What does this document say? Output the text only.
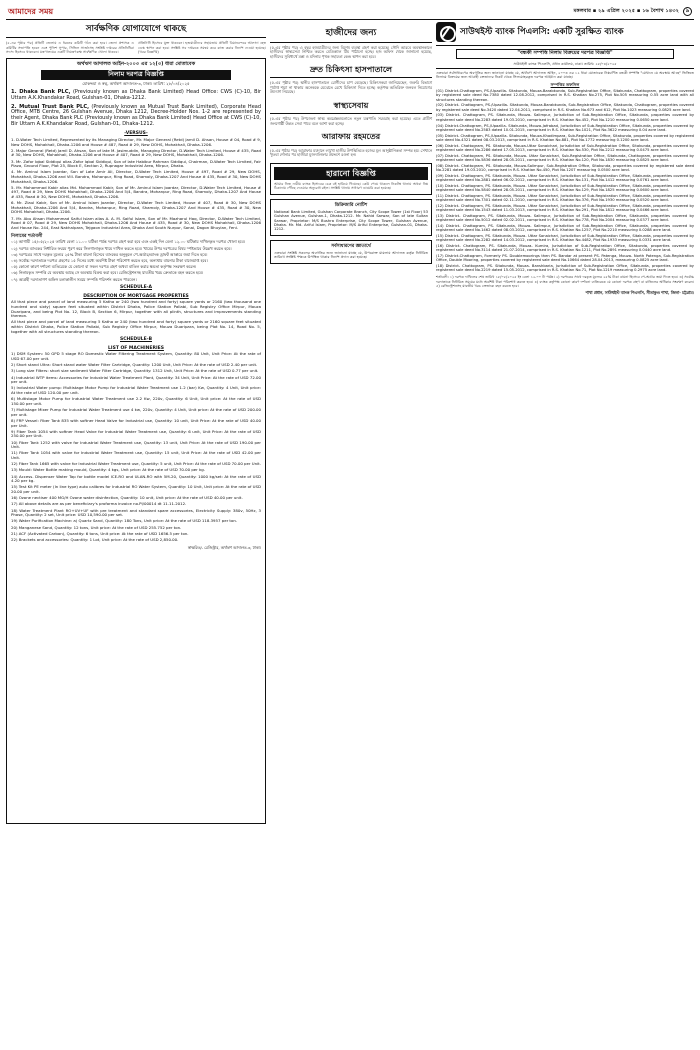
আমাদের সময়	মঙ্গলবার ▪ ২৯ এপ্রিল ২০২৫ ▪ ১৬ বৈশাখ ১৪৩২	৯
সার্বক্ষণিক যোগাযোগে থাকছে
(৫-এর পৃষ্ঠার পর) প্রতিটি জেলায় এ ধরনের কমিটি গঠন করা হবে। জেলা প্রশাসক এ কমিটির সভাপতি হবেন এবং পুলিশ সুপার, সিভিল সার্জনসহ সংশ্লিষ্ট দপ্তরের প্রতিনিধিরা সদস্য হিসেবে থাকবেন। মন্ত্রণালয়ের একটি নিয়ন্ত্রণকক্ষ সার্বক্ষণিক খোলা থাকবে।
প্রতিনিধি হিসেবে যুক্ত থাকবেন। হজযাত্রীদের সহায়তায় প্রতিটি বিমানবন্দরে আলাদা হেল্প ডেস্ক স্থাপন করা হবে। সংশ্লিষ্ট সব দপ্তরকে সমন্বয় করে কাজ করার নির্দেশ দেওয়া হয়েছে। (খবর বিজ্ঞপ্তি)
অর্থঋণ আদালত আইন-২০০৩ এর ১২(৩) ধারা মোতাবেক
নিলাম দরপত্র বিজ্ঞপ্তি
মোকদ্দমা ও স্বত্ব, অর্থঋণ আদালত-৩, ঢাকা। তারিখ: ২৮/০৪/২০২৫
1. Dhaka Bank PLC, (Previously known as Dhaka Bank Limited) Head Office: CWS (C)-10, Bir Uttam A.K.Khandakar Road, Gulshan-01, Dhaka-1212.
2. Mutual Trust Bank PLC, (Previously known as Mutual Trust Bank Limited), Corporate Head Office, MTB Centre, 26 Gulshan Avenue, Dhaka 1212, Decree-Holder Nos. 1-2 are represented by their Agent, Dhaka Bank PLC (Previously known as Dhaka Bank Limited) Head Office at CWS (C)-10, Bir Uttam A.K.Khandakar Road, Gulshan-01, Dhaka-1212.
-VERSUS-
1. D-Water Tech Limited, Represented by its Managing Director, Mr. Major General (Retd) Jamil D. Ahsan, House # 04, Road # 9, New DOHS, Mohakhali, Dhaka-1206 and House # 487, Road # 29, New DOHS, Mohakhali, Dhaka-1206.
2. Major General (Retd) Jamil D. Ahsan, Son of late M. Jasimuddin, Managing Director, D-Water Tech Limited, House # 435, Road # 30, New DOHS, Mohakhali, Dhaka-1206 and House # 407, Road # 29, New DOHS, Mohakhali, Dhaka-1206.
3. Mr. Zafor Iqbal Siddiqui alias Zafor Iqbal Siddiqui, Son of late Habibur Rahman Siddiqui, Chairman, D-Water Tech Limited, Fair Plaza, Ground Floor, Plot 25, Block E, Section 2, Rupnagar Industrial Area, Mirpur, Dhaka.
4. Mr. Aminul Islam Joardar, Son of Late Amir Ali, Director, D-Water Tech Limited, House # 497, Road # 29, New DOHS, Mohakhali, Dhaka-1206 and Vill. Bandra, Mohanpur, Ring Road, Shamoly, Dhaka-1207 And House # 435, Road # 30, New DOHS Mohakhali, Dhaka-1206.
5. Mr. Mohammad Kabir alias Md. Mohammad Kabir, Son of Mr. Aminul Islam Joardar, Director, D-Water Tech Limited, House # 497, Road # 29, New DOHS Mohakhali, Dhaka-1206 And 5/4, Bandra, Mohanpur, Ring Road, Shamoly, Dhaka-1207 And House # 435, Road # 30, New DOHS, Mohakhali, Dhaka-1206.
6. Mr. Ziaul Kabir, Son of Mr. Aminul Islam Joardar, Director, D-Water Tech Limited, House # 407, Road # 30, New DOHS Mohakhali, Dhaka-1206 And 5/4, Bandra, Mohanpur, Ring Road, Shamoly, Dhaka-1207 And House # 435, Road # 30, New DOHS Mohakhali, Dhaka-1206.
7. Mr. Abu Ahsan Mohammad Saiful Islam alias A. A. M. Saiful Islam, Son of Mr. Mazharul Haq, Director, D-Water Tech Limited, Road # 07, Road # 29, New DOHS Mohakhali, Dhaka-1206 And House # 435, Road # 30, New DOHS Mohakhali, Dhaka-1206 And House No. 244, East Nakhalpara, Tejgaon Industrial Area, Dhaka And South Nurpur, Sonai, Dagon Bhuyian, Feni.
নিলামের শর্তাবলী
০১) আগামী ১৫/০৫/২০২৫ তারিখ বেলা ১১.০০ ঘটিকা পর্যন্ত দরপত্র গ্রহণ করা হবে এবং একই দিন বেলা ১২.০০ ঘটিকায় দাখিলকৃত দরপত্র খোলা হবে।
০২) দরপত্র ব্যাংকের নির্ধারিত ফরমে পূরণ করে সিলগালাকৃত খামে দাখিল করতে হবে। খামের উপর দরপত্রের বিষয় স্পষ্টভাবে উল্লেখ করতে হবে।
০৩) দরপত্রের সাথে দরকৃত মূল্যের ২৫% টাকা বায়না হিসেবে ব্যাংকের অনুকূলে পে-অর্ডার/ব্যাংক ড্রাফট আকারে জমা দিতে হবে।
০৪) সর্বোচ্চ দরদাতাকে দরপত্র গ্রহণের ১৫ দিনের মধ্যে অবশিষ্ট টাকা পরিশোধ করতে হবে, অন্যথায় বায়নার টাকা বাজেয়াপ্ত হবে।
০৫) কোনো কারণ দর্শানো ব্যতিরেকে যে কোনো বা সকল দরপত্র গ্রহণ অথবা বাতিল করার ক্ষমতা কর্তৃপক্ষ সংরক্ষণ করেন।
০৬) নিলামকৃত সম্পত্তি যে অবস্থায় আছে সে অবস্থায় বিক্রয় করা হবে। রেজিস্ট্রেশনসহ যাবতীয় খরচ ক্রেতাকে বহন করতে হবে।
০৭) আগ্রহী দরদাতাগণ অফিস চলাকালীন সময়ে সম্পত্তি পরিদর্শন করতে পারবেন।
SCHEDULE-A
DESCRIPTION OF MORTGAGE PROPERTIES
All that piece and parcel of land measuring 5 Katha or 240 (two hundred and forty) square yards or 2160 (two thousand one hundred and sixty) square feet situated within District Dhaka, Police Station Pallabi, Sub Registry Office Mirpur, Mouza Duaripara, and being Plot No. 12, Block B, Section 6, Mirpur, together with all plinth, structures and improvements standing thereon.
All that piece and parcel of land measuring 5 Katha or 240 (two hundred and forty) square yards or 2160 square feet situated within District Dhaka, Police Station Pallabi, Sub Registry Office Mirpur, Mouza Duaripara, being Plot No. 14, Road No. 5, together with all structures standing thereon.
SCHEDULE-B
LIST OF MACHINERIES
1) DSM System: 50 GPD 5 stage RO Domestic Water Filtering Treatment System, Quantity: 80 Unit, Unit Price: At the rate of USD 67.00 per unit.
2) Short stand Ultra: Short stand water Water Filter Cartridge, Quantity: 1200 Unit, Unit Price: At the rate of USD 2.40 per unit.
3) Long size Filters: short size sediment Water Filter Cartridge, Quantity: 1312 Unit, Unit Price: At the rate of USD 0.77 per unit.
4) Industrial WTP items: Accessories for Industrial Water Treatment Plant, Quantity: 34 Unit, Unit Price: At the rate of USD 72.00 per unit.
5) Industrial Water pump: Multistage Motor Pump for Industrial Water Treatment use 1.2 (bar) Kw, Quantity: 4 Unit, Unit price: At the rate of USD 120.00 per unit.
6) Multistage Motor Pump for Industrial Water Treatment use 2.2 Kw, 220v, Quantity: 6 Unit, Unit price: At the rate of USD 150.00 per unit.
7) Multistage Mixer Pump for Industrial Water Treatment use 4 kw, 220v, Quantity: 4 Unit, Unit price: At the rate of USD 200.00 per unit.
8) FRP Vessel: Fiber Tank 835 with softner Head Valve for Industrial use, Quantity: 10 unit, Unit Price: At the rate of USD 40.00 per Unit.
9) Fiber Tank 1054 with softner Head Valve for Industrial Water Treatment use, Quantity: 6 unit, Unit Price: At the rate of USD 250.00 per Unit.
10) Fiber Tank 1252 with valve for Industrial Water Treatment use, Quantity: 13 unit, Unit Price: At the rate of USD 190.00 per Unit.
11) Fiber Tank 1054 with valve for Industrial Water Treatment use, Quantity: 15 unit, Unit Price: At the rate of USD 42.00 per Unit.
12) Fiber Tank 1665 with valve for Industrial Water Treatment use, Quantity: 5 unit, Unit Price: At the rate of USD 70.00 per Unit.
13) Mould: Water Bottle making mould, Quantity: 4 kgs, Unit price: At the rate of USD 70.00 per kg.
14) Access. Dispenser Water Tap for bottle model ICE-RO and ULAN-RO with 5M-20, Quantity: 1000 kg/set: At the rate of USD 4.20 per kg.
15) Test Kit PE meter (In line type) auto calibres for Industrial RO Water System, Quantity: 10 Unit, Unit price: At the rate of USD 20.00 per unit.
16) Ozone nectiser 400 MG/H Ozone water disinfection, Quantity: 10 unit, Unit price: At the rate of USD 40.00 per unit.
17) All above details are as per beneficiary's proforma invoice no.PI/00014 dt 11.11.2012.
18) Water Treatment Plant RO+UV+UF with pre treatment and standard spare accessories, Electricity Supply: 380v, 50Hz, 3 Phase, Quantity: 2 set, Unit price: USD 10,590.00 per set.
19) Water Purification Machine: a) Quartz Sand, Quantity: 180 Tons, Unit price: At the rate of USD 118.3957 per ton.
20) Manganese Sand, Quantity: 12 tons, Unit price: At the rate of USD 255.752 per ton.
21) ACF (Activated Carbon), Quantity: 6 tons, Unit price: At the rate of USD 1656.5 per ton.
22) Brackets and accessories: Quantity: 1 Lot, Unit price: At the rate of USD 2,850.00.
স্বাক্ষরিত/- রেজিস্ট্রার, অর্থঋণ আদালত-৩, ঢাকা।
হাজীদের জন্য
(৫-এর পৃষ্ঠার পর) এ বছর হজযাত্রীদের জন্য বিশেষ ব্যবস্থা গ্রহণ করা হয়েছে। সৌদি আরবে অবস্থানকালে হাজীদের স্বাস্থ্যসেবা নিশ্চিত করতে মেডিক্যাল টিম পাঠানো হচ্ছে। হজ অফিস থেকে জানানো হয়েছে, হাজীদের সুবিধার্থে মক্কা ও মদিনায় পৃথক সহায়তা কেন্দ্র স্থাপন করা হবে।
দ্রুত চিকিৎসা হাসপাতালে
(৫-এর পৃষ্ঠার পর) স্থানীয় হাসপাতালে রোগীদের চাপ বেড়েছে। চিকিৎসকরা জানিয়েছেন, জরুরি বিভাগে পর্যাপ্ত শয্যা না থাকায় অনেককে মেঝেতে রেখে চিকিৎসা দিতে হচ্ছে। কর্তৃপক্ষ অতিরিক্ত জনবল নিয়োগের উদ্যোগ নিয়েছে।
স্বাস্থ্যসেবায়
(৫-এর পৃষ্ঠার পর) উপজেলা স্বাস্থ্য কমপ্লেক্সগুলোতে নতুন যন্ত্রপাতি সরবরাহ করা হয়েছে। এতে গ্রামীণ জনগোষ্ঠী উন্নত সেবা পাবে বলে আশা করা হচ্ছে।
আরাফায় রহমতের
(৫-এর পৃষ্ঠার পর) আরাফার ময়দানে লাখো হাজীর উপস্থিতিতে হজের মূল আনুষ্ঠানিকতা সম্পন্ন হয়। সেখানে খুতবা শোনার পর হাজীরা মুজদালিফার উদ্দেশে রওনা হন।
হারানো বিজ্ঞপ্তি
আমার নিজ নামীয় ব্যাংক হিসাবের চেক বই হারিয়ে গিয়েছে। কেউ পেয়ে থাকলে নিকটস্থ থানায় অথবা নিম্ন ঠিকানায় পৌঁছে দেওয়ার অনুরোধ রইল। সংশ্লিষ্ট থানায় সাধারণ ডায়েরি করা হয়েছে।
ডিক্রিজারি নোটিশ
National Bank Limited, Gulshan Corporate Branch, City Scope Tower (1st Floor) 53 Gulshan Avenue, Gulshan-1, Dhaka-1212. Mr. Nahid Sarwar, Son of late Sultan Sarwar, Proprietor: M/S Bushra Enterprise, City Scope Tower, Gulshan Avenue, Dhaka. Mr. Md. Ariful Islam, Proprietor: M/S Ariful Enterprise, Gulshan-01, Dhaka-1212.
সর্বসাধারণের জ্ঞাতার্থে
এতদ্বারা সংশ্লিষ্ট সকলের অবগতির জন্য জানানো যাচ্ছে যে, উপরোক্ত মামলায় আদালত কর্তৃক নির্ধারিত তারিখে সংশ্লিষ্ট পক্ষকে উপস্থিত থাকার নির্দেশ প্রদান করা হয়েছে।
সাউথইস্ট ব্যাংক পিএলসি: একটি সুরক্ষিত ব্যাংক
"বন্ধকী সম্পত্তি নিলাম বিক্রয়ের দরপত্র বিজ্ঞপ্তি"
সাউথইস্ট ব্যাংক পিএলসি, প্রধান কার্যালয়, ঢাকা। তারিখ: ২৮/০৪/২০২৫
এতদ্বারা সর্বসাধারণের অবগতির জন্য জানানো যাচ্ছে যে, অর্থঋণ আদালত আইন, ২০০৩ এর ১২ ধারা মোতাবেক নিম্নবর্ণিত বন্ধকী সম্পত্তি "যেখানে যে অবস্থায় আছে" ভিত্তিতে নিলামে বিক্রয়ের জন্য আগ্রহী ক্রেতাদের নিকট থেকে সিলমোহরকৃত দরপত্র আহ্বান করা যাচ্ছে।
সম্পত্তির তফসিল
(01) District-Chattogram, PS./Upazilla- Sitakunda, Mouza-Barabkunda, Sub-Registration Office, Sitakunda, Chattogram, properties covered by registered sale deed No.7380 dated 12.08.2012, comprised in R.S. Khatian No.275, Plot No.505 measuring 0.55 acre land with all structures standing thereon.
(02) District- Chattogram, PS./Upazilla- Sitakunda, Mouza-Barabkunda, Sub-Registration Office, Sitakunda, Chattogram, properties covered by registered sale deed No.3420 dated 12.04.2011, comprised in R.S. Khatian No.673 and 612, Plot No.1023 measuring 0.0825 acre land.
(03) District- Chattogram, PS. Sitakunda, Mouza- Salimpur, Jurisdiction of Sub-Registration Office, Sitakunda, properties covered by registered sale deed No.2283 dated 19.03.2010, comprised in R.S. Khatian No.452, Plot No.1210 measuring 0.0650 acre land.
(04) District-Chattogram, PS./Upazilla- Sitakunda, Mouza-Jafrabad, Jurisdiction of Sub-Registration Office, Sitakunda, properties covered by registered sale deed No.2583 dated 10.01.2015, comprised in R.S. Khatian No.1021, Plot No.3622 measuring 0.04 acre land.
(05) District- Chattogram, PS./Upazilla- Sitakunda, Mouza-Khadimpara, Sub-Registration Office, Sitakunda, properties covered by registered sale deed No.4321 dated 08.03.2013, comprised in R.S. Khatian No.881, Plot No.1772 measuring 0.1200 acre land.
(06) District- Chattogram, PS. Sitakunda, Mouza-Uttar Sonaichari, Jurisdiction of Sub-Registration Office, Sitakunda, properties covered by registered sale deed No.2286 dated 17.05.2013, comprised in R.S. Khatian No.530, Plot No.2212 measuring 0.0475 acre land.
(07) District- Chattogram, PS. Sitakunda, Mouza- Uttar Sonaichari, Sub-Registration Office, Sitakunda, Chattogram, properties covered by registered sale deed No.5836 dated 28.05.2011, comprised in R.S. Khatian No.120, Plot No.1830 measuring 0.0825 acre land.
(08) District- Chattogram, PS. Sitakunda, Mouza-Salimpur, Sub-Registration Office, Sitakunda, properties covered by registered sale deed No.2281 dated 19.03.2010, comprised in R.S. Khatian No.450, Plot No.1207 measuring 0.0500 acre land.
(09) District- Chattogram, PS. Sitakunda, Mouza- Uttar Sonaichari, Jurisdiction of Sub-Registration Office, Sitakunda, properties covered by registered sale deed No.2881 dated 06.02.2012, comprised in R.S. Khatian No.131, Plot No.1412 measuring 0.0761 acre land.
(10) District- Chattogram, PS. Sitakunda, Mouza- Uttar Sonaichari, Jurisdiction of Sub-Registration Office, Sitakunda, properties covered by registered sale deed No.5840 dated 28.05.2011, comprised in R.S. Khatian No.129, Plot No.1825 measuring 0.0600 acre land.
(11) District- Chattogram, PS. Sitakunda, Mouza- Uttar Sonaichari, Jurisdiction of Sub-Registration Office, Sitakunda, properties covered by registered sale deed No.7301 dated 02.11.2010, comprised in R.S. Khatian No.376, Plot No.1930 measuring 0.0520 acre land.
(12) District- Chattogram, PS. Sitakunda, Mouza- Uttar Sonaichari, Jurisdiction of Sub-Registration Office, Sitakunda, properties covered by registered sale deed No.1543 dated 11.03.2013, comprised in R.S. Khatian No.291, Plot No.1812 measuring 0.0466 acre land.
(13) District- Chattogram, PS. Sitakunda, Mouza- Salimpur, Jurisdiction of Sub-Registration Office, Sitakunda, properties covered by registered sale deed No.5012 dated 02.02.2011, comprised in R.S. Khatian No.778, Plot No.2004 measuring 0.0377 acre land.
(14) District- Chattogram, PS. Sitakunda, Mouza- Salimpur, Jurisdiction of Sub-Registration Office, Sitakunda, properties covered by registered sale deed No.1462 dated 08.03.2012, comprised in R.S. Khatian No.1257, Plot No.2210 measuring 0.0288 acre land.
(15) District- Chattogram, PS. Sitakunda, Mouza- Uttar Sonaichari, Jurisdiction of Sub-Registration Office, Sitakunda, properties covered by registered sale deed No.2282 dated 14.03.2012, comprised in R.S. Khatian No.4482, Plot No.1933 measuring 0.0331 acre land.
(16) District- Chattogram, PS. Sitakunda, Mouza- Kumira, Jurisdiction of Sub-Registration Office, Sitakunda, properties covered by registered sale deed No.3114 dated 21.07.2014, comprised in R.S. Khatian No.1211, Plot No.2891 measuring 0.0440 acre land.
(17) District-Chattogram, Formerly PS. Doublemoorings then PS. Bandar at present PS. Patenga, Mouza- North Patenga, Sub-Registration Office, Double Mooring, properties covered by registered sale deed No.10664 dated 28.04.2013, measuring 0.0825 acre land.
(18) District- Chattogram, PS. Sitakunda, Mouza- Banshbaria, Jurisdiction of Sub-Registration Office, Sitakunda, properties covered by registered sale deed No.2219 dated 15.05.2012, comprised in R.S. Khatian No.71, Plot No.1219 measuring 0.2975 acre land.
শর্তাবলী: ১) দরপত্র দাখিলের শেষ তারিখ ১৮/০৫/২০২৫ ইং বেলা ১২.০০ টা পর্যন্ত। ২) দরপত্রের সাথে দরকৃত মূল্যের ২৫% টাকা বায়না হিসেবে পে-অর্ডার জমা দিতে হবে। ৩) সর্বোচ্চ দরদাতাকে নির্ধারিত সময়ের মধ্যে অবশিষ্ট টাকা পরিশোধ করতে হবে। ৪) ব্যাংক কর্তৃপক্ষ কোনো কারণ দর্শানো ব্যতিরেকে যে কোনো দরপত্র গ্রহণ বা বাতিলের অধিকার সংরক্ষণ করেন। ৫) রেজিস্ট্রেশনসহ যাবতীয় খরচ ক্রেতাকে বহন করতে হবে।
শাখা প্রধান, সাউথইস্ট ব্যাংক পিএলসি, সীতাকুণ্ড শাখা, জিলা- চট্টগ্রাম।
